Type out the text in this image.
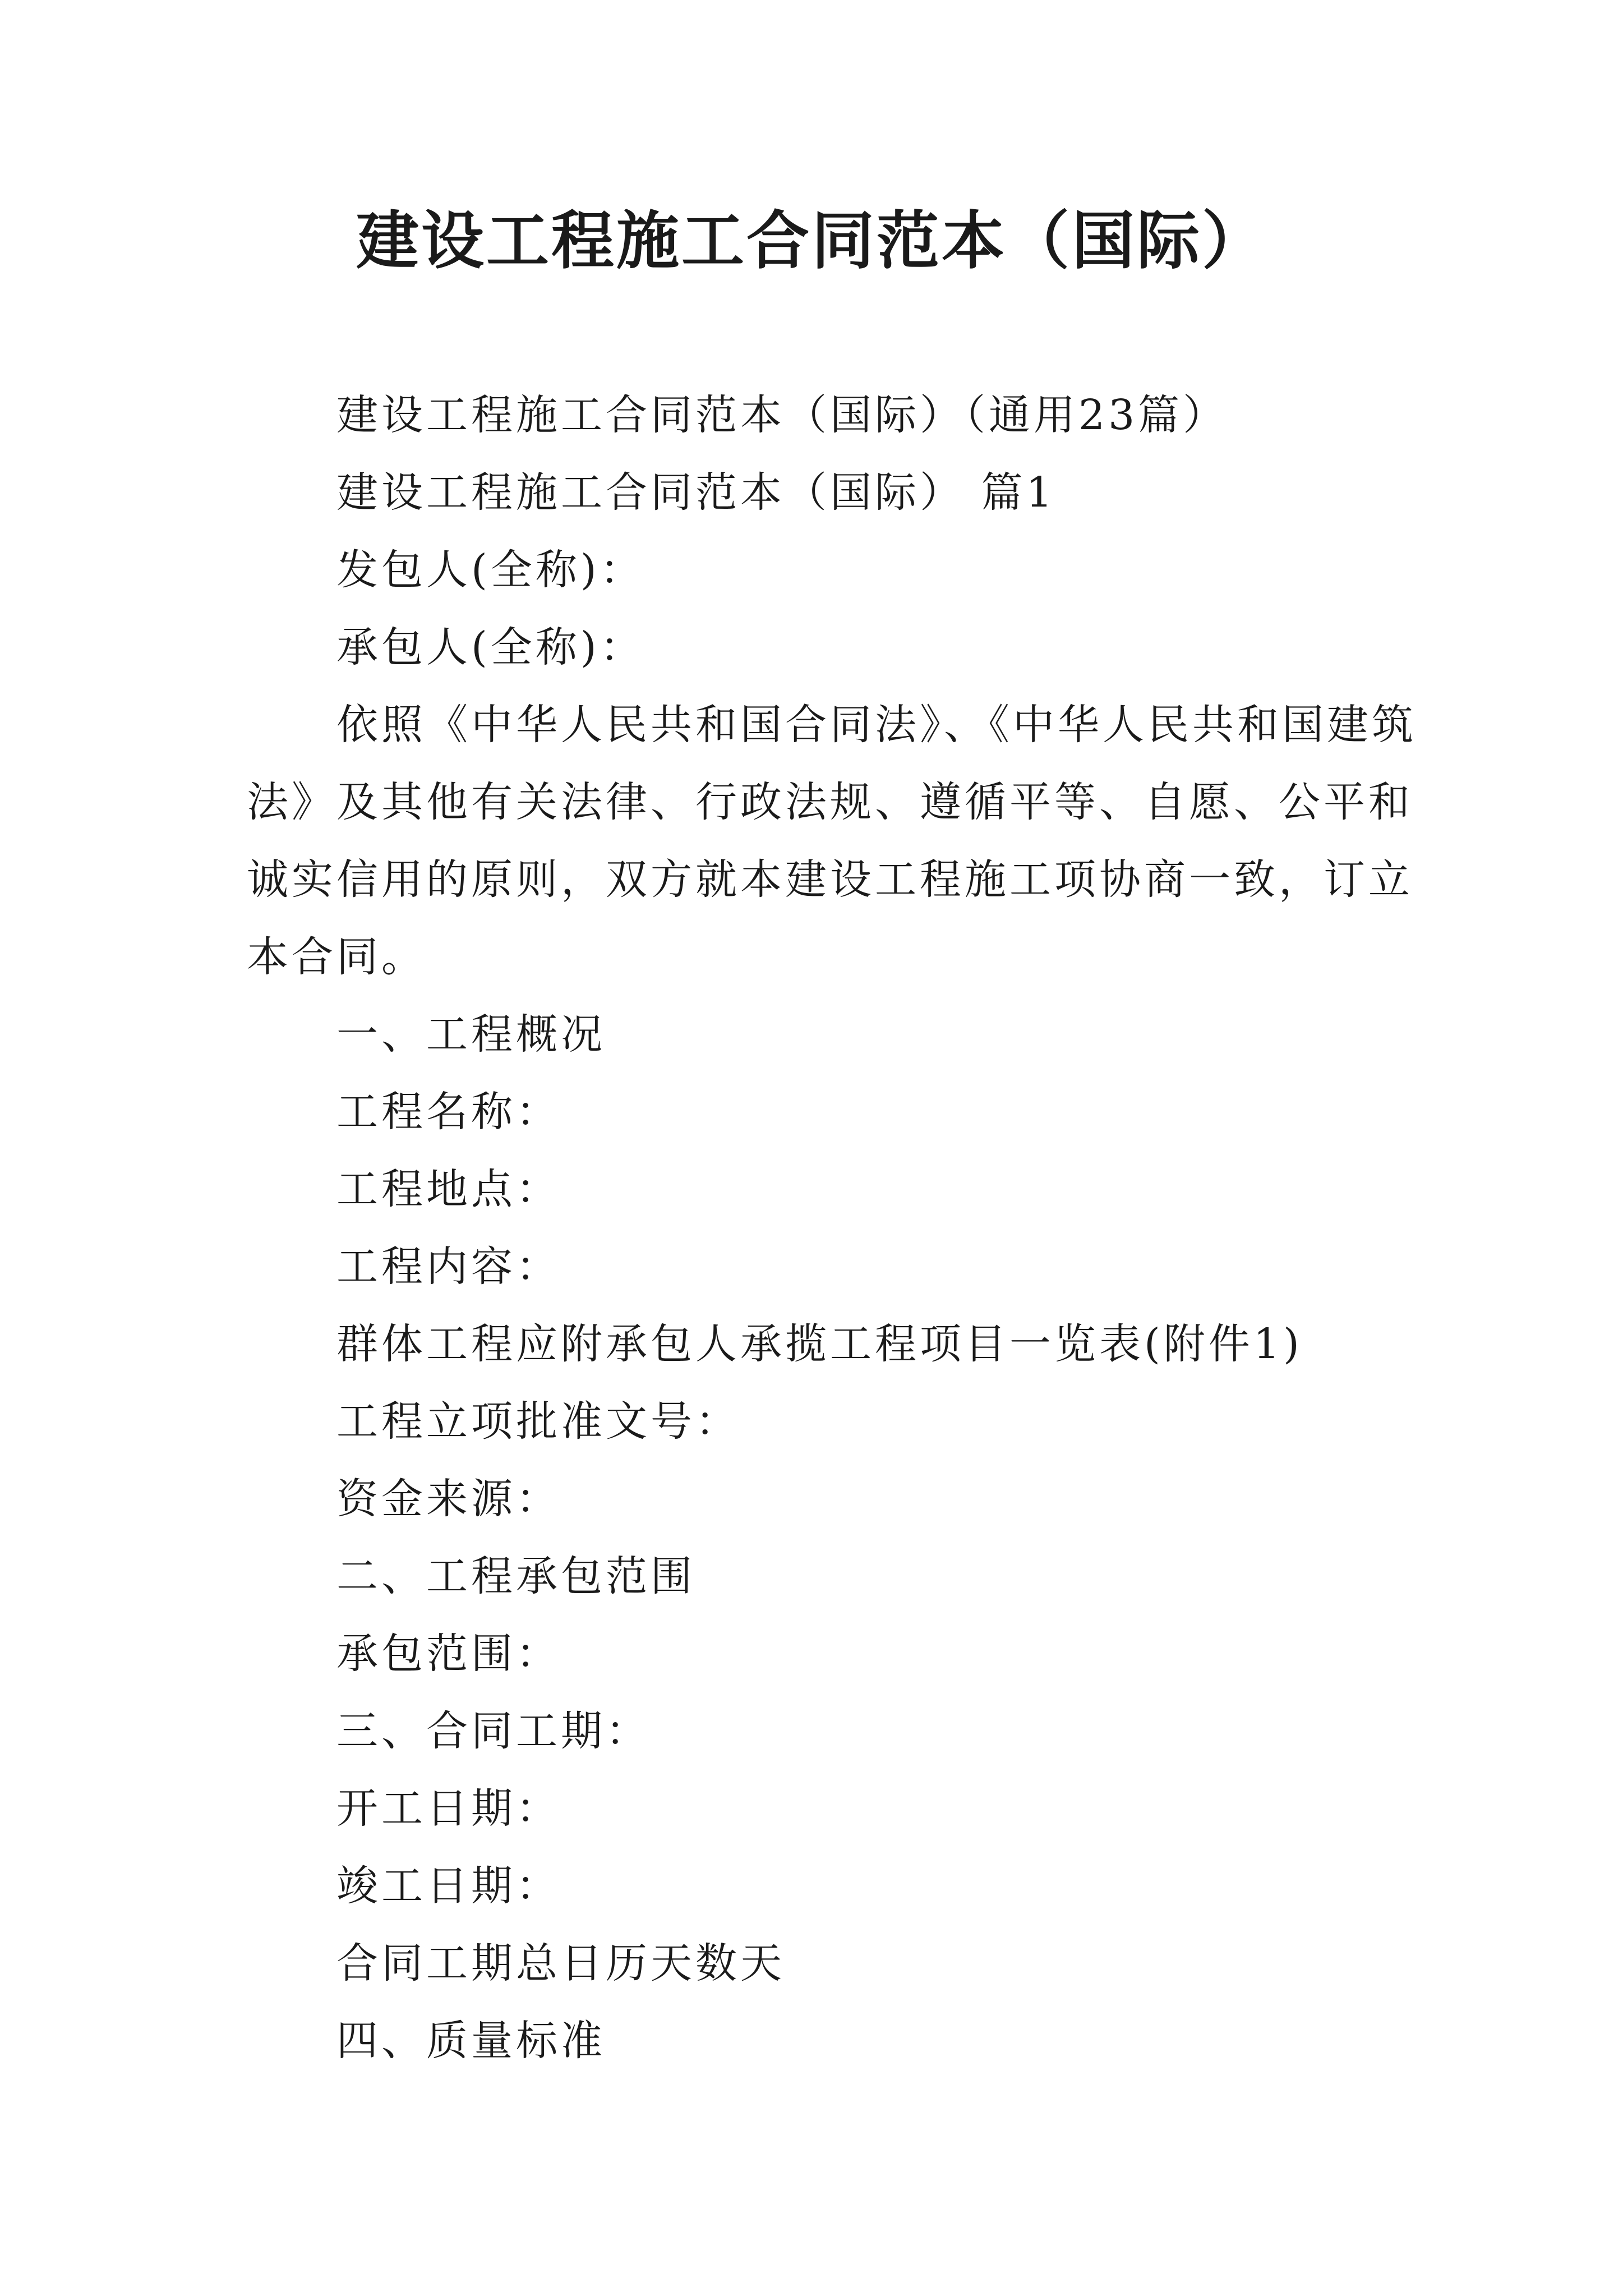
建设工程施工合同范本（国际）

建设工程施工合同范本（国际）（通用23篇）

建设工程施工合同范本（国际） 篇1

发包人(全称)：

承包人(全称)：

依照《中华人民共和国合同法》、《中华人民共和国建筑

法》及其他有关法律、行政法规、遵循平等、自愿、公平和

诚实信用的原则，双方就本建设工程施工项协商一致，订立

本合同。

一、工程概况

工程名称：

工程地点：

工程内容：

群体工程应附承包人承揽工程项目一览表(附件1)

工程立项批准文号：

资金来源：

二、工程承包范围

承包范围：

三、合同工期：

开工日期：

竣工日期：

合同工期总日历天数天

四、质量标准
